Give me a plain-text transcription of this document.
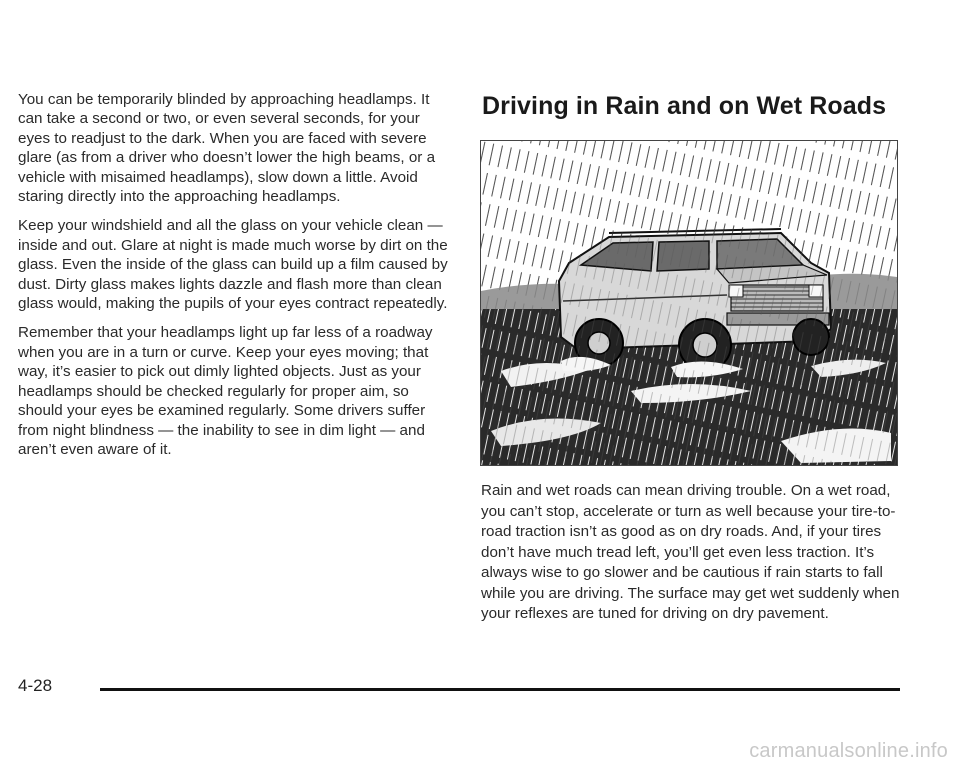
You can be temporarily blinded by approaching headlamps. It can take a second or two, or even several seconds, for your eyes to readjust to the dark. When you are faced with severe glare (as from a driver who doesn’t lower the high beams, or a vehicle with misaimed headlamps), slow down a little. Avoid staring directly into the approaching headlamps.

Keep your windshield and all the glass on your vehicle clean — inside and out. Glare at night is made much worse by dirt on the glass. Even the inside of the glass can build up a film caused by dust. Dirty glass makes lights dazzle and flash more than clean glass would, making the pupils of your eyes contract repeatedly.

Remember that your headlamps light up far less of a roadway when you are in a turn or curve. Keep your eyes moving; that way, it’s easier to pick out dimly lighted objects. Just as your headlamps should be checked regularly for proper aim, so should your eyes be examined regularly. Some drivers suffer from night blindness — the inability to see in dim light — and aren’t even aware of it.

Driving in Rain and on Wet Roads

Rain and wet roads can mean driving trouble. On a wet road, you can’t stop, accelerate or turn as well because your tire-to-road traction isn’t as good as on dry roads. And, if your tires don’t have much tread left, you’ll get even less traction. It’s always wise to go slower and be cautious if rain starts to fall while you are driving. The surface may get wet suddenly when your reflexes are tuned for driving on dry pavement.

4-28
carmanualsonline.info
